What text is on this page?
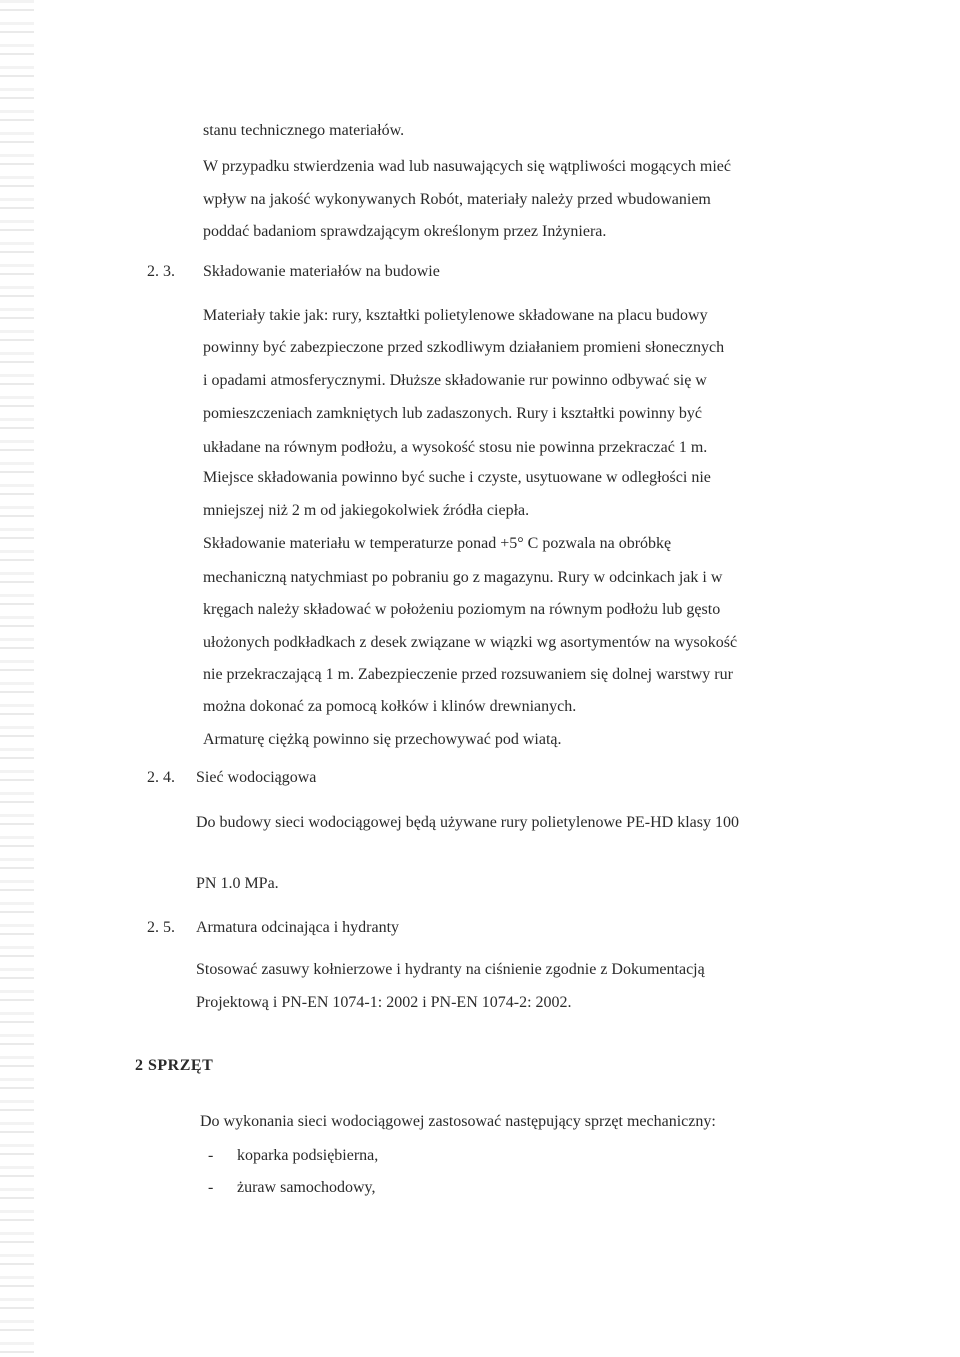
stanu technicznego materiałów.
W przypadku stwierdzenia wad lub nasuwających się wątpliwości mogących mieć
wpływ na jakość wykonywanych Robót, materiały należy przed wbudowaniem
poddać badaniom sprawdzającym określonym przez Inżyniera.
2. 3. Składowanie materiałów na budowie
Materiały takie jak: rury, kształtki polietylenowe składowane na placu budowy
powinny być zabezpieczone przed szkodliwym działaniem promieni słonecznych
i opadami atmosferycznymi. Dłuższe składowanie rur powinno odbywać się w
pomieszczeniach zamkniętych lub zadaszonych. Rury i kształtki powinny być
układane na równym podłożu, a wysokość stosu nie powinna przekraczać 1 m.
Miejsce składowania powinno być suche i czyste, usytuowane w odległości nie
mniejszej niż 2 m od jakiegokolwiek źródła ciepła.
Składowanie materiału w temperaturze ponad +5° C pozwala na obróbkę
mechaniczną natychmiast po pobraniu go z magazynu. Rury w odcinkach jak i w
kręgach należy składować w położeniu poziomym na równym podłożu lub gęsto
ułożonych podkładkach z desek związane w wiązki wg asortymentów na wysokość
nie przekraczającą 1 m. Zabezpieczenie przed rozsuwaniem się dolnej warstwy rur
można dokonać za pomocą kołków i klinów drewnianych.
Armaturę ciężką powinno się przechowywać pod wiatą.
2. 4. Sieć wodociągowa
Do budowy sieci wodociągowej będą używane rury polietylenowe PE-HD klasy 100
PN 1.0 MPa.
2. 5. Armatura odcinająca i hydranty
Stosować zasuwy kołnierzowe i hydranty na ciśnienie zgodnie z Dokumentacją
Projektową i PN-EN 1074-1: 2002 i PN-EN 1074-2: 2002.
2 SPRZĘT
Do wykonania sieci wodociągowej zastosować następujący sprzęt mechaniczny:
- koparka podsiębierna,
- żuraw samochodowy,
